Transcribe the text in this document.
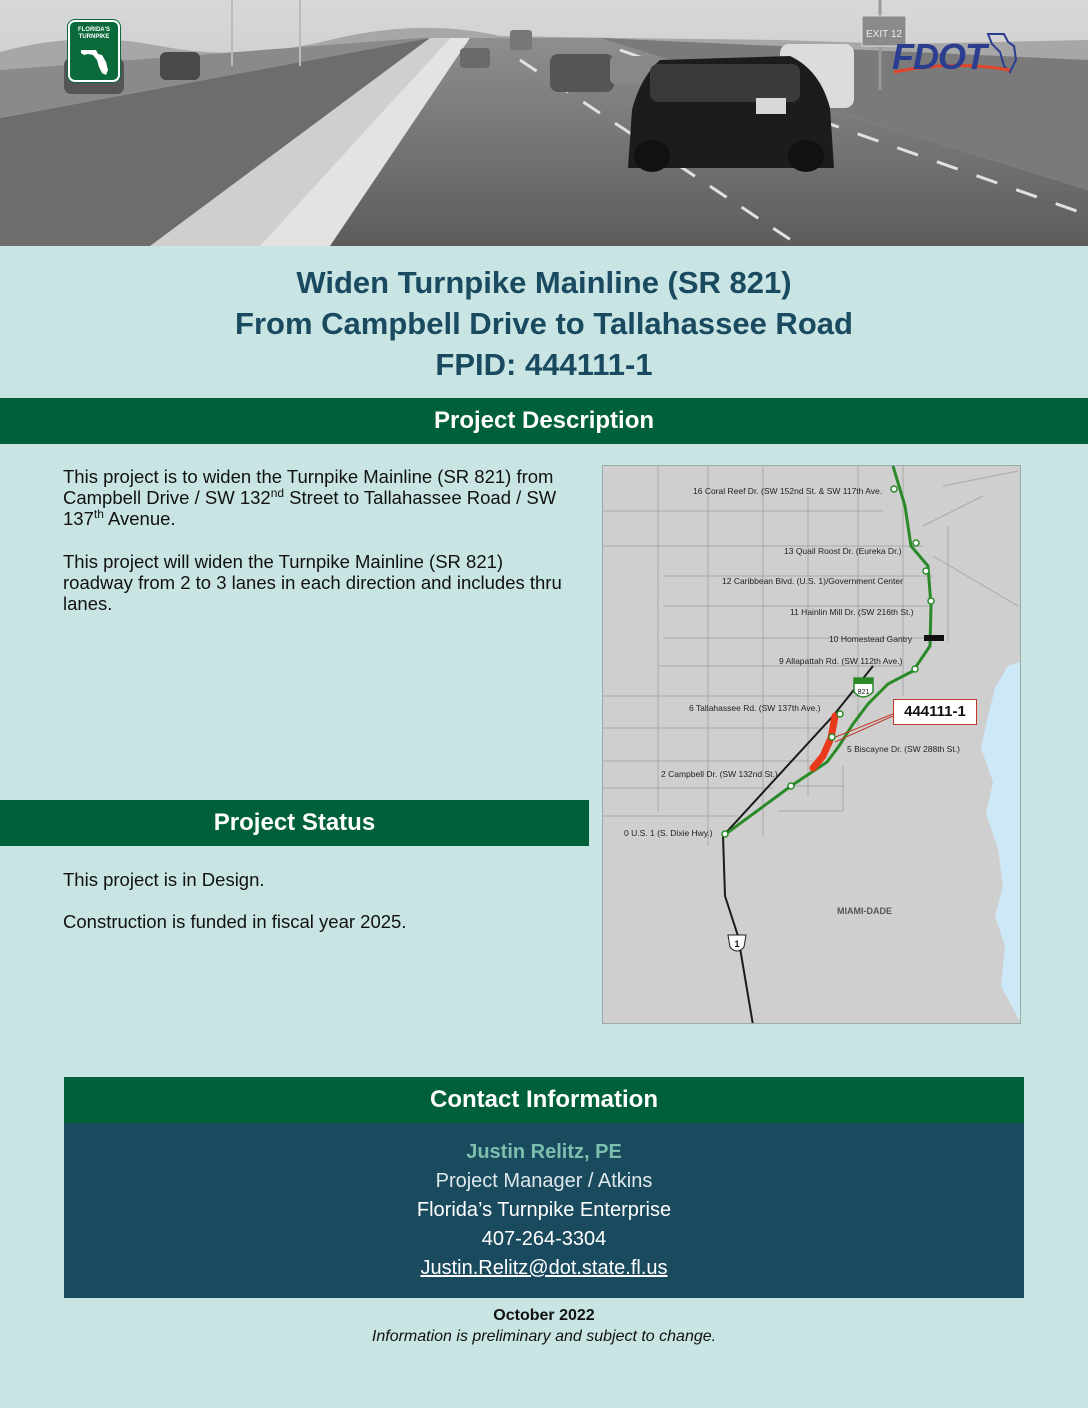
EXIT 12
FLORIDA'S TURNPIKE	FDOT
Widen Turnpike Mainline (SR 821)
From Campbell Drive to Tallahassee Road
FPID: 444111-1
Project Description
This project is to widen the Turnpike Mainline (SR 821) from Campbell Drive / SW 132nd Street to Tallahassee Road / SW 137th Avenue.
This project will widen the Turnpike Mainline (SR 821) roadway from 2 to 3 lanes in each direction and includes thru lanes.
Project Status
This project is in Design.
Construction is funded in fiscal year 2025.
821
1
16 Coral Reef Dr. (SW 152nd St. & SW 117th Ave.
13 Quail Roost Dr. (Eureka Dr.)
12 Caribbean Blvd. (U.S. 1)/Government Center
11 Hainlin Mill Dr. (SW 216th St.)
10 Homestead Gantry
9 Allapattah Rd. (SW 112th Ave.)
6 Tallahassee Rd. (SW 137th Ave.)
5 Biscayne Dr. (SW 288th St.)
2 Campbell Dr. (SW 132nd St.)
0 U.S. 1 (S. Dixie Hwy.)
444111-1
MIAMI-DADE
Contact Information
Justin Relitz, PE
Project Manager / Atkins
Florida’s Turnpike Enterprise
407-264-3304
Justin.Relitz@dot.state.fl.us
October 2022
Information is preliminary and subject to change.
